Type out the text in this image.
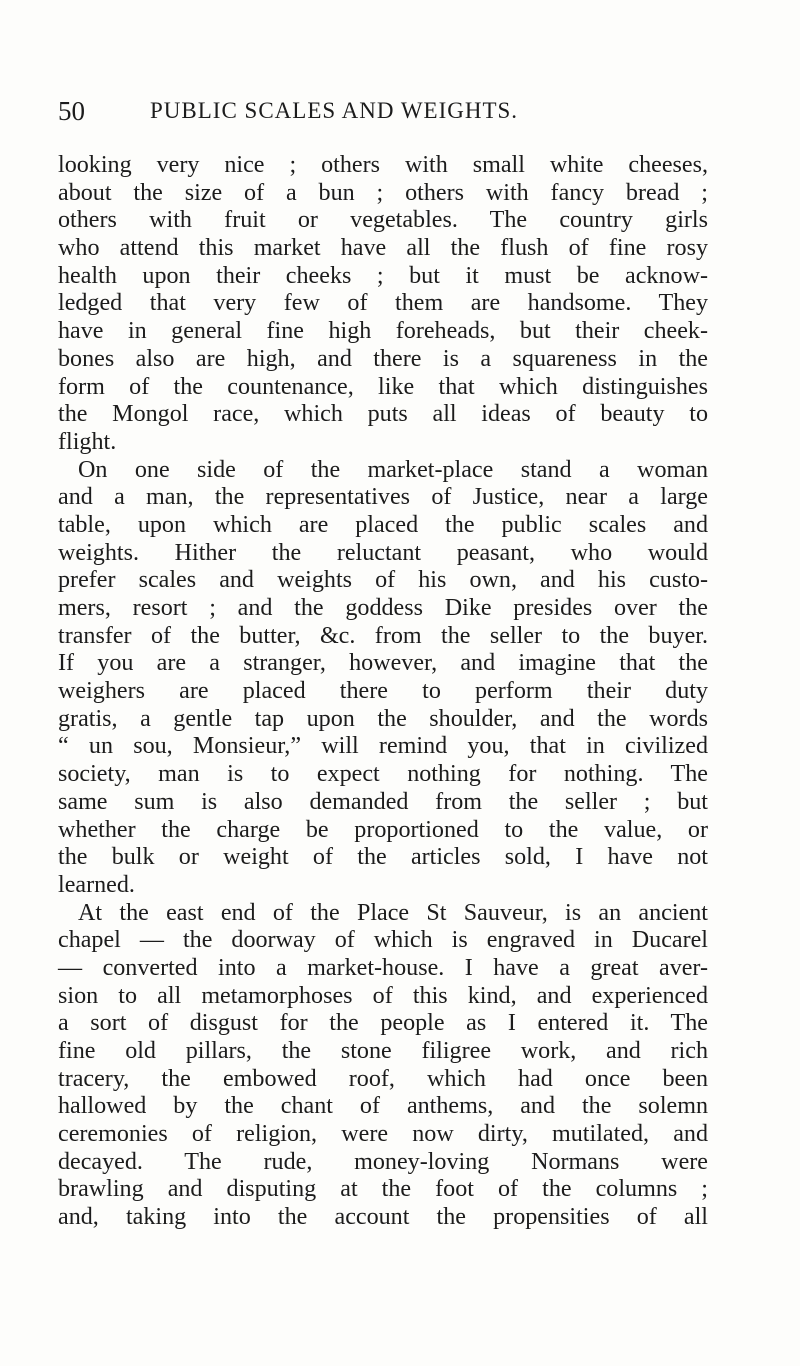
50	PUBLIC SCALES AND WEIGHTS.
looking very nice ; others with small white cheeses,
about the size of a bun ; others with fancy bread ;
others with fruit or vegetables. The country girls
who attend this market have all the flush of fine rosy
health upon their cheeks ; but it must be acknow-
ledged that very few of them are handsome. They
have in general fine high foreheads, but their cheek-
bones also are high, and there is a squareness in the
form of the countenance, like that which distinguishes
the Mongol race, which puts all ideas of beauty to
flight.
On one side of the market-place stand a woman
and a man, the representatives of Justice, near a large
table, upon which are placed the public scales and
weights. Hither the reluctant peasant, who would
prefer scales and weights of his own, and his custo-
mers, resort ; and the goddess Dike presides over the
transfer of the butter, &c. from the seller to the buyer.
If you are a stranger, however, and imagine that the
weighers are placed there to perform their duty
gratis, a gentle tap upon the shoulder, and the words
“ un sou, Monsieur,” will remind you, that in civilized
society, man is to expect nothing for nothing. The
same sum is also demanded from the seller ; but
whether the charge be proportioned to the value, or
the bulk or weight of the articles sold, I have not
learned.
At the east end of the Place St Sauveur, is an ancient
chapel — the doorway of which is engraved in Ducarel
— converted into a market-house. I have a great aver-
sion to all metamorphoses of this kind, and experienced
a sort of disgust for the people as I entered it. The
fine old pillars, the stone filigree work, and rich
tracery, the embowed roof, which had once been
hallowed by the chant of anthems, and the solemn
ceremonies of religion, were now dirty, mutilated, and
decayed. The rude, money-loving Normans were
brawling and disputing at the foot of the columns ;
and, taking into the account the propensities of all
